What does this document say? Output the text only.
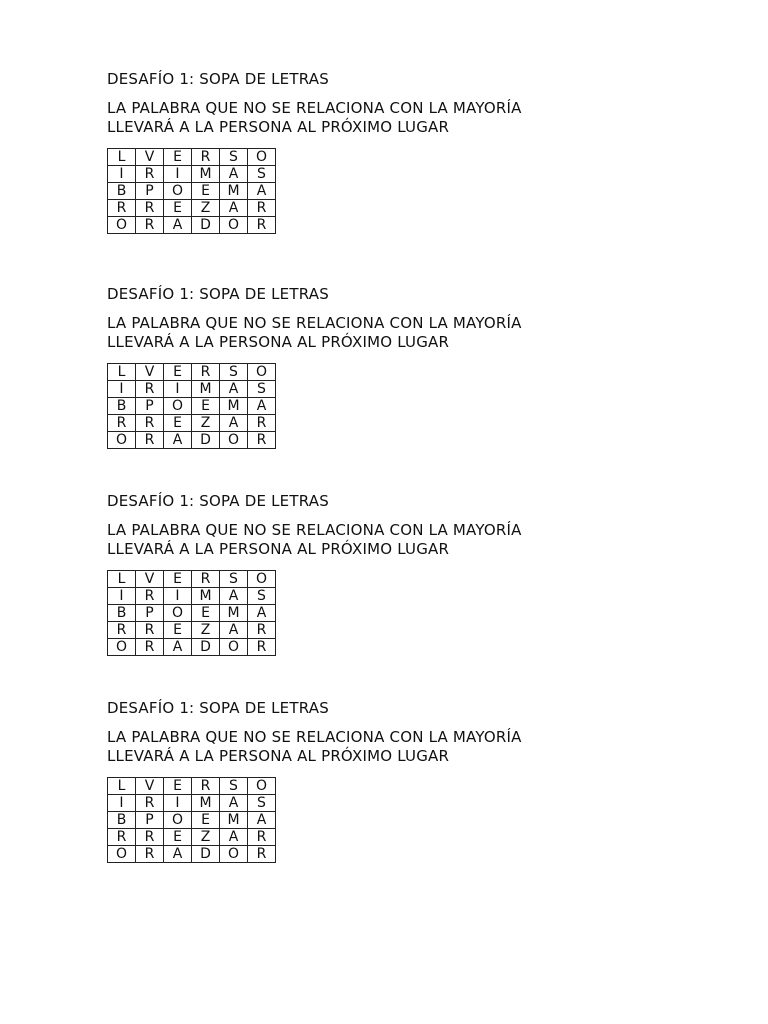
DESAFÍO 1: SOPA DE LETRAS

LA PALABRA QUE NO SE RELACIONA CON LA MAYORÍA
LLEVARÁ A LA PERSONA AL PRÓXIMO LUGAR

L	V	E	R	S	O
I	R	I	M	A	S
B	P	O	E	M	A
R	R	E	Z	A	R
O	R	A	D	O	R

DESAFÍO 1: SOPA DE LETRAS

LA PALABRA QUE NO SE RELACIONA CON LA MAYORÍA
LLEVARÁ A LA PERSONA AL PRÓXIMO LUGAR

L	V	E	R	S	O
I	R	I	M	A	S
B	P	O	E	M	A
R	R	E	Z	A	R
O	R	A	D	O	R

DESAFÍO 1: SOPA DE LETRAS

LA PALABRA QUE NO SE RELACIONA CON LA MAYORÍA
LLEVARÁ A LA PERSONA AL PRÓXIMO LUGAR

L	V	E	R	S	O
I	R	I	M	A	S
B	P	O	E	M	A
R	R	E	Z	A	R
O	R	A	D	O	R

DESAFÍO 1: SOPA DE LETRAS

LA PALABRA QUE NO SE RELACIONA CON LA MAYORÍA
LLEVARÁ A LA PERSONA AL PRÓXIMO LUGAR

L	V	E	R	S	O
I	R	I	M	A	S
B	P	O	E	M	A
R	R	E	Z	A	R
O	R	A	D	O	R
